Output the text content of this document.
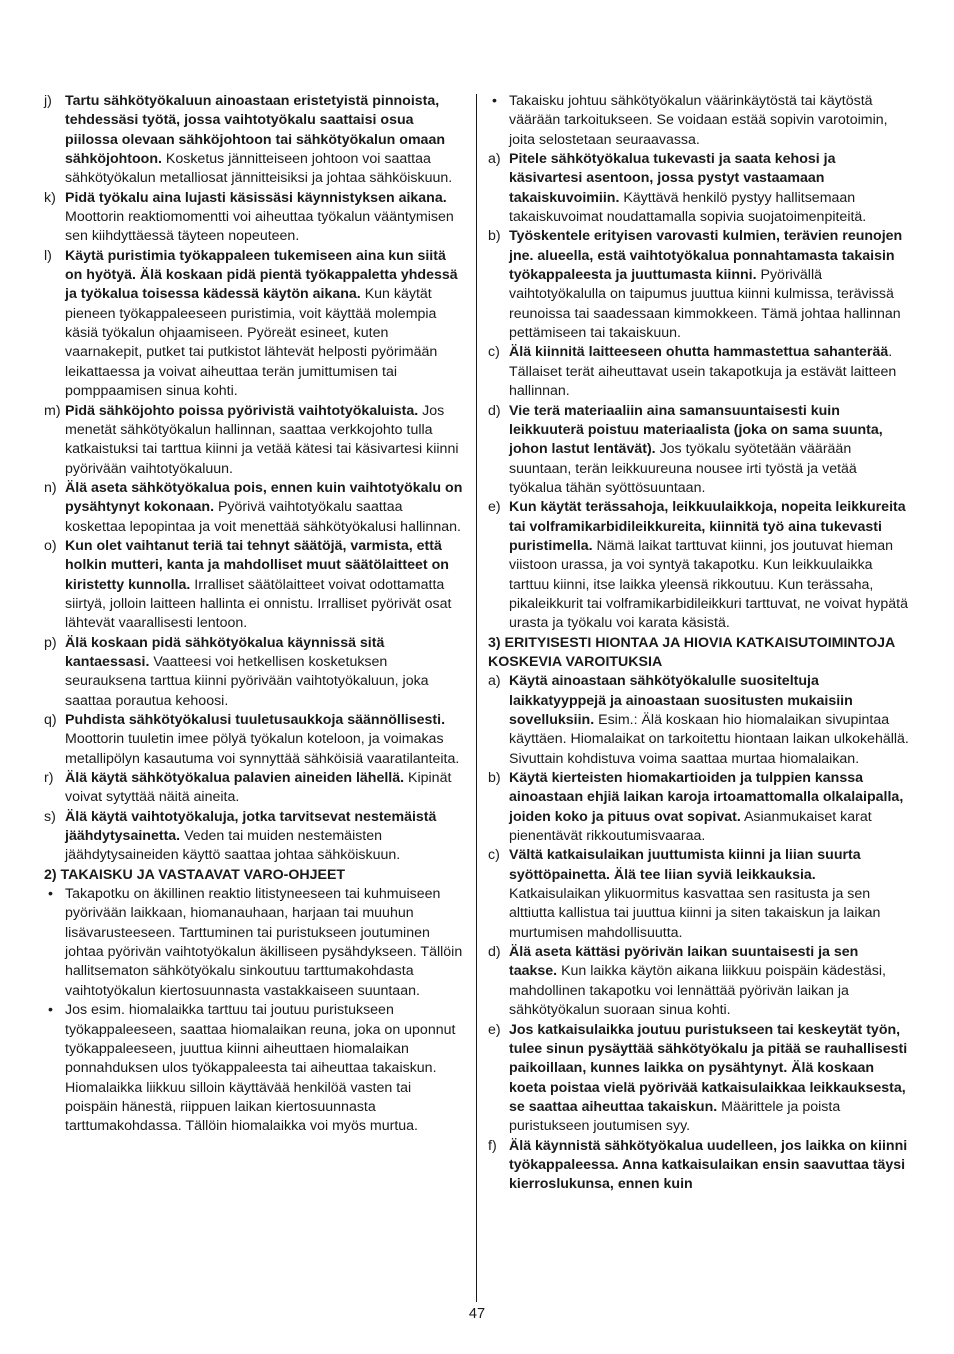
j) Tartu sähkötyökaluun ainoastaan eristetyistä pinnoista, tehdessäsi työtä, jossa vaihtotyökalu saattaisi osua piilossa olevaan sähköjohtoon tai sähkötyökalun omaan sähköjohtoon. Kosketus jännitteiseen johtoon voi saattaa sähkötyökalun metalliosat jännitteisiksi ja johtaa sähköiskuun.
k) Pidä työkalu aina lujasti käsissäsi käynnistyksen aikana. Moottorin reaktiomomentti voi aiheuttaa työkalun vääntymisen sen kiihdyttäessä täyteen nopeuteen.
l) Käytä puristimia työkappaleen tukemiseen aina kun siitä on hyötyä. Älä koskaan pidä pientä työkappaletta yhdessä ja työkalua toisessa kädessä käytön aikana. Kun käytät pieneen työkappaleeseen puristimia, voit käyttää molempia käsiä työkalun ohjaamiseen. Pyöreät esineet, kuten vaarnakepit, putket tai putkistot lähtevät helposti pyörimään leikattaessa ja voivat aiheuttaa terän jumittumisen tai pomppaamisen sinua kohti.
m) Pidä sähköjohto poissa pyörivistä vaihtotyökaluista. Jos menetät sähkötyökalun hallinnan, saattaa verkkojohto tulla katkaistuksi tai tarttua kiinni ja vetää kätesi tai käsivartesi kiinni pyörivään vaihtotyökaluun.
n) Älä aseta sähkötyökalua pois, ennen kuin vaihtotyökalu on pysähtynyt kokonaan. Pyörivä vaihtotyökalu saattaa koskettaa lepopintaa ja voit menettää sähkötyökalusi hallinnan.
o) Kun olet vaihtanut teriä tai tehnyt säätöjä, varmista, että holkin mutteri, kanta ja mahdolliset muut säätölaitteet on kiristetty kunnolla. Irralliset säätölaitteet voivat odottamatta siirtyä, jolloin laitteen hallinta ei onnistu. Irralliset pyörivät osat lähtevät vaarallisesti lentoon.
p) Älä koskaan pidä sähkötyökalua käynnissä sitä kantaessasi. Vaatteesi voi hetkellisen kosketuksen seurauksena tarttua kiinni pyörivään vaihtotyökaluun, joka saattaa porautua kehoosi.
q) Puhdista sähkötyökalusi tuuletusaukkoja säännöllisesti. Moottorin tuuletin imee pölyä työkalun koteloon, ja voimakas metallipölyn kasautuma voi synnyttää sähköisiä vaaratilanteita.
r) Älä käytä sähkötyökalua palavien aineiden lähellä. Kipinät voivat sytyttää näitä aineita.
s) Älä käytä vaihtotyökaluja, jotka tarvitsevat nestemäistä jäähdytysainetta. Veden tai muiden nestemäisten jäähdytysaineiden käyttö saattaa johtaa sähköiskuun.
2) TAKAISKU JA VASTAAVAT VARO-OHJEET
• Takapotku on äkillinen reaktio litistyneeseen tai kuhmuiseen pyörivään laikkaan, hiomanauhaan, harjaan tai muuhun lisävarusteeseen. Tarttuminen tai puristukseen joutuminen johtaa pyörivän vaihtotyökalun äkilliseen pysähdykseen. Tällöin hallitsematon sähkötyökalu sinkoutuu tarttumakohdasta vaihtotyökalun kiertosuunnasta vastakkaiseen suuntaan.
• Jos esim. hiomalaikka tarttuu tai joutuu puristukseen työkappaleeseen, saattaa hiomalaikan reuna, joka on uponnut työkappaleeseen, juuttua kiinni aiheuttaen hiomalaikan ponnahduksen ulos työkappaleesta tai aiheuttaa takaiskun. Hiomalaikka liikkuu silloin käyttävää henkilöä vasten tai poispäin hänestä, riippuen laikan kiertosuunnasta tarttumakohdassa. Tällöin hiomalaikka voi myös murtua.
• Takaisku johtuu sähkötyökalun väärinkäytöstä tai käytöstä väärään tarkoitukseen. Se voidaan estää sopivin varotoimin, joita selostetaan seuraavassa.
a) Pitele sähkötyökalua tukevasti ja saata kehosi ja käsivartesi asentoon, jossa pystyt vastaamaan takaiskuvoimiin. Käyttävä henkilö pystyy hallitsemaan takaiskuvoimat noudattamalla sopivia suojatoimenpiteitä.
b) Työskentele erityisen varovasti kulmien, terävien reunojen jne. alueella, estä vaihtotyökalua ponnahtamasta takaisin työkappaleesta ja juuttumasta kiinni. Pyörivällä vaihtotyökalulla on taipumus juuttua kiinni kulmissa, terävissä reunoissa tai saadessaan kimmokkeen. Tämä johtaa hallinnan pettämiseen tai takaiskuun.
c) Älä kiinnitä laitteeseen ohutta hammastettua sahanterää. Tällaiset terät aiheuttavat usein takapotkuja ja estävät laitteen hallinnan.
d) Vie terä materiaaliin aina samansuuntaisesti kuin leikkuuterä poistuu materiaalista (joka on sama suunta, johon lastut lentävät). Jos työkalu syötetään väärään suuntaan, terän leikkuureuna nousee irti työstä ja vetää työkalua tähän syöttösuuntaan.
e) Kun käytät terässahoja, leikkuulaikkoja, nopeita leikkureita tai volframikarbidileikkureita, kiinnitä työ aina tukevasti puristimella. Nämä laikat tarttuvat kiinni, jos joutuvat hieman viistoon urassa, ja voi syntyä takapotku. Kun leikkuulaikka tarttuu kiinni, itse laikka yleensä rikkoutuu. Kun terässaha, pikaleikkurit tai volframikarbidileikkuri tarttuvat, ne voivat hypätä urasta ja työkalu voi karata käsistä.
3) ERITYISESTI HIONTAA JA HIOVIA KATKAISUTOIMINTOJA KOSKEVIA VAROITUKSIA
a) Käytä ainoastaan sähkötyökalulle suositeltuja laikkatyyppejä ja ainoastaan suositusten mukaisiin sovelluksiin. Esim.: Älä koskaan hio hiomalaikan sivupintaa käyttäen. Hiomalaikat on tarkoitettu hiontaan laikan ulkokehällä. Sivuttain kohdistuva voima saattaa murtaa hiomalaikan.
b) Käytä kierteisten hiomakartioiden ja tulppien kanssa ainoastaan ehjiä laikan karoja irtoamattomalla olkalaipalla, joiden koko ja pituus ovat sopivat. Asianmukaiset karat pienentävät rikkoutumisvaaraa.
c) Vältä katkaisulaikan juuttumista kiinni ja liian suurta syöttöpainetta. Älä tee liian syviä leikkauksia. Katkaisulaikan ylikuormitus kasvattaa sen rasitusta ja sen alttiutta kallistua tai juuttua kiinni ja siten takaiskun ja laikan murtumisen mahdollisuutta.
d) Älä aseta kättäsi pyörivän laikan suuntaisesti ja sen taakse. Kun laikka käytön aikana liikkuu poispäin kädestäsi, mahdollinen takapotku voi lennättää pyörivän laikan ja sähkötyökalun suoraan sinua kohti.
e) Jos katkaisulaikka joutuu puristukseen tai keskeytät työn, tulee sinun pysäyttää sähkötyökalu ja pitää se rauhallisesti paikoillaan, kunnes laikka on pysähtynyt. Älä koskaan koeta poistaa vielä pyörivää katkaisulaikkaa leikkauksesta, se saattaa aiheuttaa takaiskun. Määrittele ja poista puristukseen joutumisen syy.
f) Älä käynnistä sähkötyökalua uudelleen, jos laikka on kiinni työkappaleessa. Anna katkaisulaikan ensin saavuttaa täysi kierroslukunsa, ennen kuin
47
